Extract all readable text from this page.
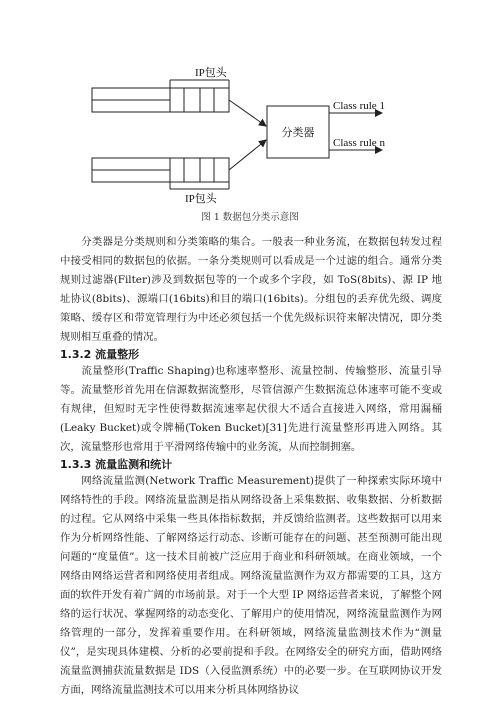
IP包头
IP包头
分类器
Class rule 1
Class rule n
图 1 数据包分类示意图

分类器是分类规则和分类策略的集合。一般表一种业务流，在数据包转发过程中接受相同的数据包的依据。一条分类规则可以看成是一个过滤的组合。通常分类规则过滤器(Filter)涉及到数据包等的一个或多个字段，如 ToS(8bits)、源 IP 地址协议(8bits)、源端口(16bits)和目的端口(16bits)。分组包的丢弃优先级、调度策略、缓存区和带宽管理行为中还必须包括一个优先级标识符来解决情况，即分类规则相互重叠的情况。

1.3.2 流量整形

流量整形(Traffic Shaping)也称速率整形、流量控制、传输整形、流量引导等。流量整形首先用在信源数据流整形，尽管信源产生数据流总体速率可能不变或有规律，但短时无字性使得数据流速率起伏很大不适合直接进入网络，常用漏桶(Leaky Bucket)或令牌桶(Token Bucket)[31]先进行流量整形再进入网络。其次，流量整形也常用于平滑网络传输中的业务流，从而控制拥塞。

1.3.3 流量监测和统计

网络流量监测(Network Traffic Measurement)提供了一种探索实际环境中网络特性的手段。网络流量监测是指从网络设备上采集数据、收集数据、分析数据的过程。它从网络中采集一些具体指标数据，并反馈给监测者。这些数据可以用来作为分析网络性能、了解网络运行动态、诊断可能存在的问题、甚至预测可能出现问题的“度量值”。这一技术目前被广泛应用于商业和科研领域。在商业领域，一个网络由网络运营者和网络使用者组成。网络流量监测作为双方都需要的工具，这方面的软件开发有着广阔的市场前景。对于一个大型 IP 网络运营者来说，了解整个网络的运行状况、掌握网络的动态变化、了解用户的使用情况，网络流量监测作为网络管理的一部分，发挥着重要作用。在科研领域，网络流量监测技术作为“测量仪”，是实现具体建模、分析的必要前提和手段。在网络安全的研究方面，借助网络流量监测捕获流量数据是 IDS（入侵监测系统）中的必要一步。在互联网协议开发方面，网络流量监测技术可以用来分析具体网络协议
